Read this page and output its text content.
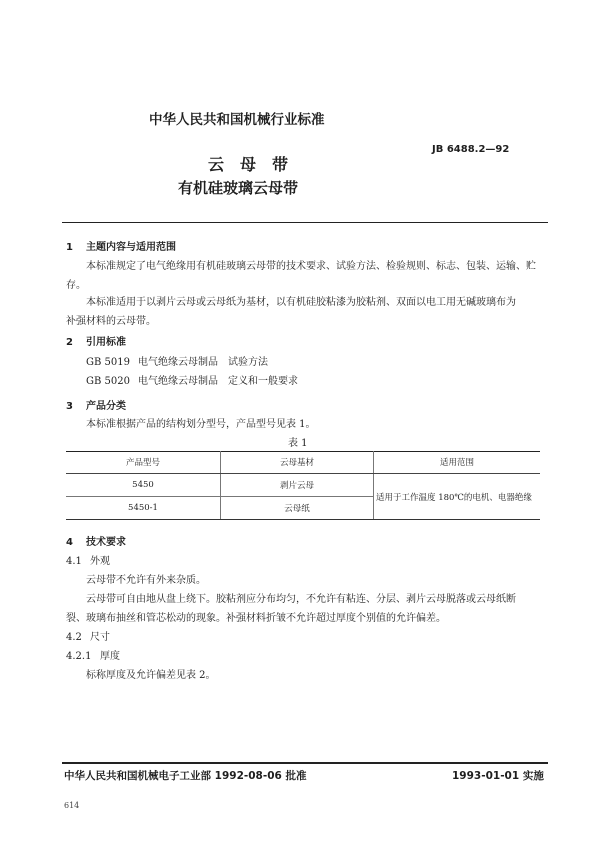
中华人民共和国机械行业标准
JB 6488.2—92
云　母　带
有机硅玻璃云母带
1 主题内容与适用范围
本标准规定了电气绝缘用有机硅玻璃云母带的技术要求、试验方法、检验规则、标志、包装、运输、贮
存。
本标准适用于以剥片云母或云母纸为基材，以有机硅胶粘漆为胶粘剂、双面以电工用无碱玻璃布为
补强材料的云母带。
2 引用标准
GB 5019 电气绝缘云母制品　试验方法
GB 5020 电气绝缘云母制品　定义和一般要求
3 产品分类
本标准根据产品的结构划分型号，产品型号见表 1。
表 1
产品型号	云母基材	适用范围
5450	剥片云母	适用于工作温度 180℃的电机、电器绝缘
5450-1	云母纸	
4 技术要求
4.1 外观
云母带不允许有外来杂质。
云母带可自由地从盘上绕下。胶粘剂应分布均匀，不允许有粘连、分层、剥片云母脱落或云母纸断
裂、玻璃布抽丝和管芯松动的现象。补强材料折皱不允许超过厚度个别值的允许偏差。
4.2 尺寸
4.2.1 厚度
标称厚度及允许偏差见表 2。
中华人民共和国机械电子工业部 1992-08-06 批准	1993-01-01 实施
614
